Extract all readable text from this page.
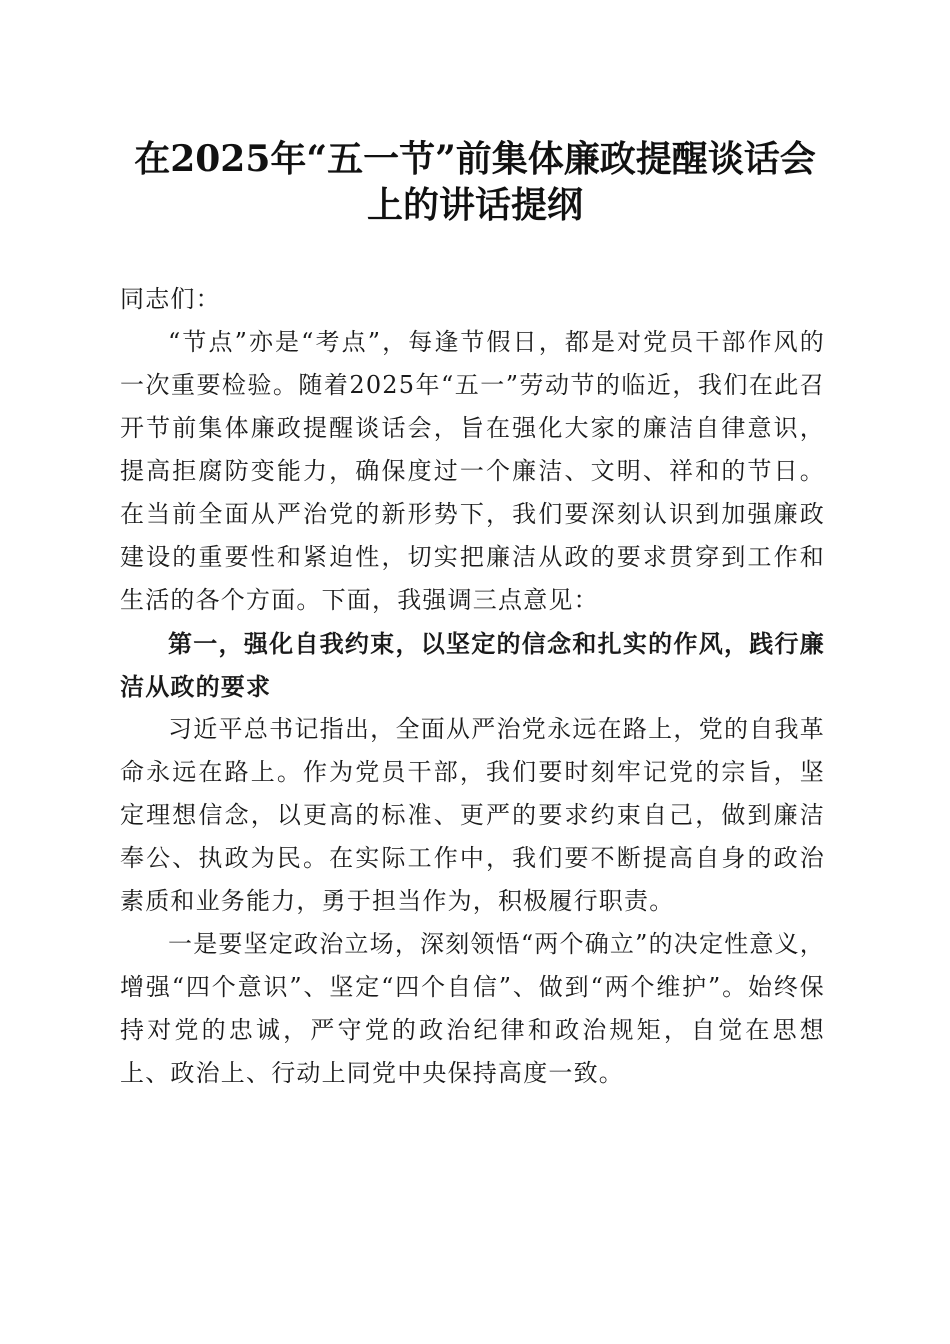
在2025年“五一节”前集体廉政提醒谈话会
上的讲话提纲

同志们：

“节点”亦是“考点”，每逢节假日，都是对党员干部作风的一次重要检验。随着2025年“五一”劳动节的临近，我们在此召开节前集体廉政提醒谈话会，旨在强化大家的廉洁自律意识，提高拒腐防变能力，确保度过一个廉洁、文明、祥和的节日。在当前全面从严治党的新形势下，我们要深刻认识到加强廉政建设的重要性和紧迫性，切实把廉洁从政的要求贯穿到工作和生活的各个方面。下面，我强调三点意见：

第一，强化自我约束，以坚定的信念和扎实的作风，践行廉洁从政的要求

习近平总书记指出，全面从严治党永远在路上，党的自我革命永远在路上。作为党员干部，我们要时刻牢记党的宗旨，坚定理想信念，以更高的标准、更严的要求约束自己，做到廉洁奉公、执政为民。在实际工作中，我们要不断提高自身的政治素质和业务能力，勇于担当作为，积极履行职责。

一是要坚定政治立场，深刻领悟“两个确立”的决定性意义，增强“四个意识”、坚定“四个自信”、做到“两个维护”。始终保持对党的忠诚，严守党的政治纪律和政治规矩，自觉在思想上、政治上、行动上同党中央保持高度一致。
